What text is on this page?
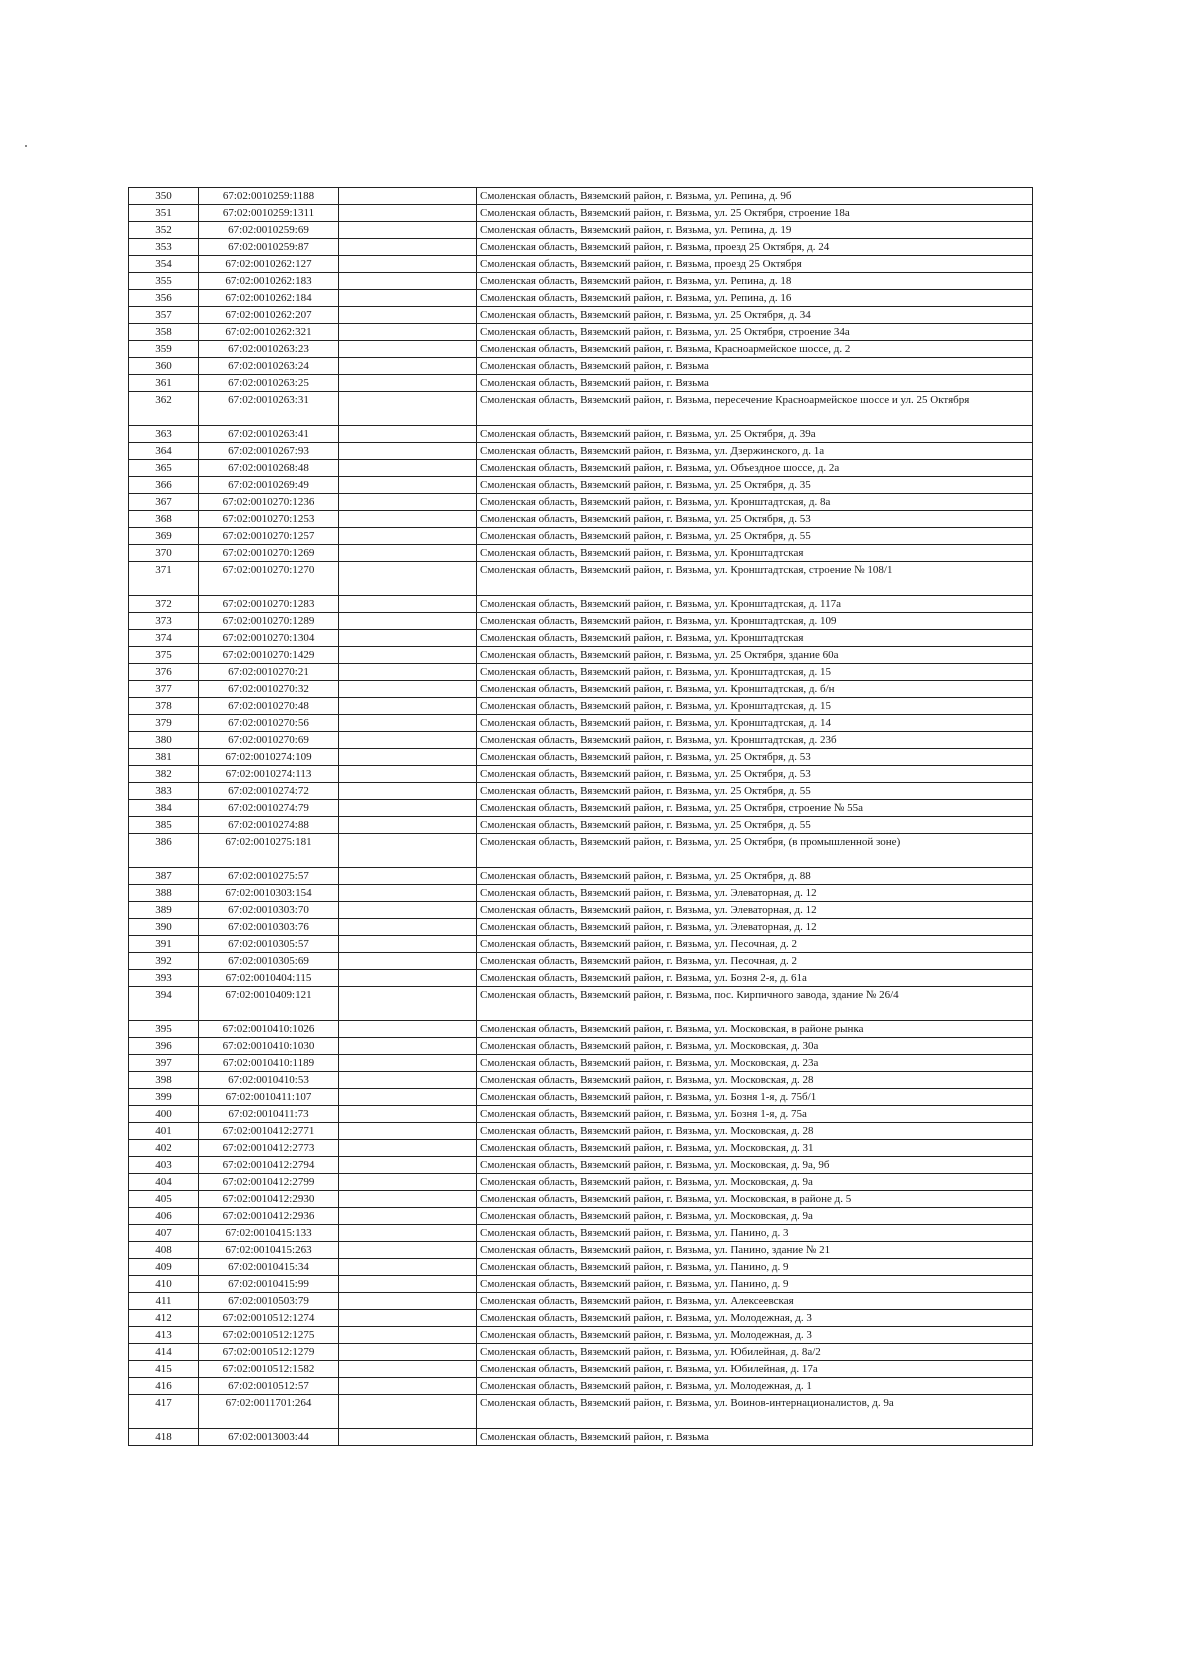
350	67:02:0010259:1188		Смоленская область, Вяземский район, г. Вязьма, ул. Репина, д. 9б
351	67:02:0010259:1311		Смоленская область, Вяземский район, г. Вязьма, ул. 25 Октября, строение 18а
352	67:02:0010259:69		Смоленская область, Вяземский район, г. Вязьма, ул. Репина, д. 19
353	67:02:0010259:87		Смоленская область, Вяземский район, г. Вязьма, проезд 25 Октября, д. 24
354	67:02:0010262:127		Смоленская область, Вяземский район, г. Вязьма, проезд 25 Октября
355	67:02:0010262:183		Смоленская область, Вяземский район, г. Вязьма, ул. Репина, д. 18
356	67:02:0010262:184		Смоленская область, Вяземский район, г. Вязьма, ул. Репина, д. 16
357	67:02:0010262:207		Смоленская область, Вяземский район, г. Вязьма, ул. 25 Октября, д. 34
358	67:02:0010262:321		Смоленская область, Вяземский район, г. Вязьма, ул. 25 Октября, строение 34а
359	67:02:0010263:23		Смоленская область, Вяземский район, г. Вязьма, Красноармейское шоссе, д. 2
360	67:02:0010263:24		Смоленская область, Вяземский район, г. Вязьма
361	67:02:0010263:25		Смоленская область, Вяземский район, г. Вязьма
362	67:02:0010263:31		Смоленская область, Вяземский район, г. Вязьма, пересечение Красноармейское шоссе и ул. 25 Октября
363	67:02:0010263:41		Смоленская область, Вяземский район, г. Вязьма, ул. 25 Октября, д. 39а
364	67:02:0010267:93		Смоленская область, Вяземский район, г. Вязьма, ул. Дзержинского, д. 1а
365	67:02:0010268:48		Смоленская область, Вяземский район, г. Вязьма, ул. Объездное шоссе, д. 2а
366	67:02:0010269:49		Смоленская область, Вяземский район, г. Вязьма, ул. 25 Октября, д. 35
367	67:02:0010270:1236		Смоленская область, Вяземский район, г. Вязьма, ул. Кронштадтская, д. 8а
368	67:02:0010270:1253		Смоленская область, Вяземский район, г. Вязьма, ул. 25 Октября, д. 53
369	67:02:0010270:1257		Смоленская область, Вяземский район, г. Вязьма, ул. 25 Октября, д. 55
370	67:02:0010270:1269		Смоленская область, Вяземский район, г. Вязьма, ул. Кронштадтская
371	67:02:0010270:1270		Смоленская область, Вяземский район, г. Вязьма, ул. Кронштадтская, строение № 108/1
372	67:02:0010270:1283		Смоленская область, Вяземский район, г. Вязьма, ул. Кронштадтская, д. 117а
373	67:02:0010270:1289		Смоленская область, Вяземский район, г. Вязьма, ул. Кронштадтская, д. 109
374	67:02:0010270:1304		Смоленская область, Вяземский район, г. Вязьма, ул. Кронштадтская
375	67:02:0010270:1429		Смоленская область, Вяземский район, г. Вязьма, ул. 25 Октября, здание 60а
376	67:02:0010270:21		Смоленская область, Вяземский район, г. Вязьма, ул. Кронштадтская, д. 15
377	67:02:0010270:32		Смоленская область, Вяземский район, г. Вязьма, ул. Кронштадтская, д. б/н
378	67:02:0010270:48		Смоленская область, Вяземский район, г. Вязьма, ул. Кронштадтская, д. 15
379	67:02:0010270:56		Смоленская область, Вяземский район, г. Вязьма, ул. Кронштадтская, д. 14
380	67:02:0010270:69		Смоленская область, Вяземский район, г. Вязьма, ул. Кронштадтская, д. 23б
381	67:02:0010274:109		Смоленская область, Вяземский район, г. Вязьма, ул. 25 Октября, д. 53
382	67:02:0010274:113		Смоленская область, Вяземский район, г. Вязьма, ул. 25 Октября, д. 53
383	67:02:0010274:72		Смоленская область, Вяземский район, г. Вязьма, ул. 25 Октября, д. 55
384	67:02:0010274:79		Смоленская область, Вяземский район, г. Вязьма, ул. 25 Октября, строение № 55а
385	67:02:0010274:88		Смоленская область, Вяземский район, г. Вязьма, ул. 25 Октября, д. 55
386	67:02:0010275:181		Смоленская область, Вяземский район, г. Вязьма, ул. 25 Октября, (в промышленной зоне)
387	67:02:0010275:57		Смоленская область, Вяземский район, г. Вязьма, ул. 25 Октября, д. 88
388	67:02:0010303:154		Смоленская область, Вяземский район, г. Вязьма, ул. Элеваторная, д. 12
389	67:02:0010303:70		Смоленская область, Вяземский район, г. Вязьма, ул. Элеваторная, д. 12
390	67:02:0010303:76		Смоленская область, Вяземский район, г. Вязьма, ул. Элеваторная, д. 12
391	67:02:0010305:57		Смоленская область, Вяземский район, г. Вязьма, ул. Песочная, д. 2
392	67:02:0010305:69		Смоленская область, Вяземский район, г. Вязьма, ул. Песочная, д. 2
393	67:02:0010404:115		Смоленская область, Вяземский район, г. Вязьма, ул. Бозня 2-я, д. 61а
394	67:02:0010409:121		Смоленская область, Вяземский район, г. Вязьма, пос. Кирпичного завода, здание № 26/4
395	67:02:0010410:1026		Смоленская область, Вяземский район, г. Вязьма, ул. Московская, в районе рынка
396	67:02:0010410:1030		Смоленская область, Вяземский район, г. Вязьма, ул. Московская, д. 30а
397	67:02:0010410:1189		Смоленская область, Вяземский район, г. Вязьма, ул. Московская, д. 23а
398	67:02:0010410:53		Смоленская область, Вяземский район, г. Вязьма, ул. Московская, д. 28
399	67:02:0010411:107		Смоленская область, Вяземский район, г. Вязьма, ул. Бозня 1-я, д. 75б/1
400	67:02:0010411:73		Смоленская область, Вяземский район, г. Вязьма, ул. Бозня 1-я, д. 75а
401	67:02:0010412:2771		Смоленская область, Вяземский район, г. Вязьма, ул. Московская, д. 28
402	67:02:0010412:2773		Смоленская область, Вяземский район, г. Вязьма, ул. Московская, д. 31
403	67:02:0010412:2794		Смоленская область, Вяземский район, г. Вязьма, ул. Московская, д. 9а, 9б
404	67:02:0010412:2799		Смоленская область, Вяземский район, г. Вязьма, ул. Московская, д. 9а
405	67:02:0010412:2930		Смоленская область, Вяземский район, г. Вязьма, ул. Московская, в районе д. 5
406	67:02:0010412:2936		Смоленская область, Вяземский район, г. Вязьма, ул. Московская, д. 9а
407	67:02:0010415:133		Смоленская область, Вяземский район, г. Вязьма, ул. Панино, д. 3
408	67:02:0010415:263		Смоленская область, Вяземский район, г. Вязьма, ул. Панино, здание № 21
409	67:02:0010415:34		Смоленская область, Вяземский район, г. Вязьма, ул. Панино, д. 9
410	67:02:0010415:99		Смоленская область, Вяземский район, г. Вязьма, ул. Панино, д. 9
411	67:02:0010503:79		Смоленская область, Вяземский район, г. Вязьма, ул. Алексеевская
412	67:02:0010512:1274		Смоленская область, Вяземский район, г. Вязьма, ул. Молодежная, д. 3
413	67:02:0010512:1275		Смоленская область, Вяземский район, г. Вязьма, ул. Молодежная, д. 3
414	67:02:0010512:1279		Смоленская область, Вяземский район, г. Вязьма, ул. Юбилейная, д. 8а/2
415	67:02:0010512:1582		Смоленская область, Вяземский район, г. Вязьма, ул. Юбилейная, д. 17а
416	67:02:0010512:57		Смоленская область, Вяземский район, г. Вязьма, ул. Молодежная, д. 1
417	67:02:0011701:264		Смоленская область, Вяземский район, г. Вязьма, ул. Воинов-интернационалистов, д. 9а
418	67:02:0013003:44		Смоленская область, Вяземский район, г. Вязьма
